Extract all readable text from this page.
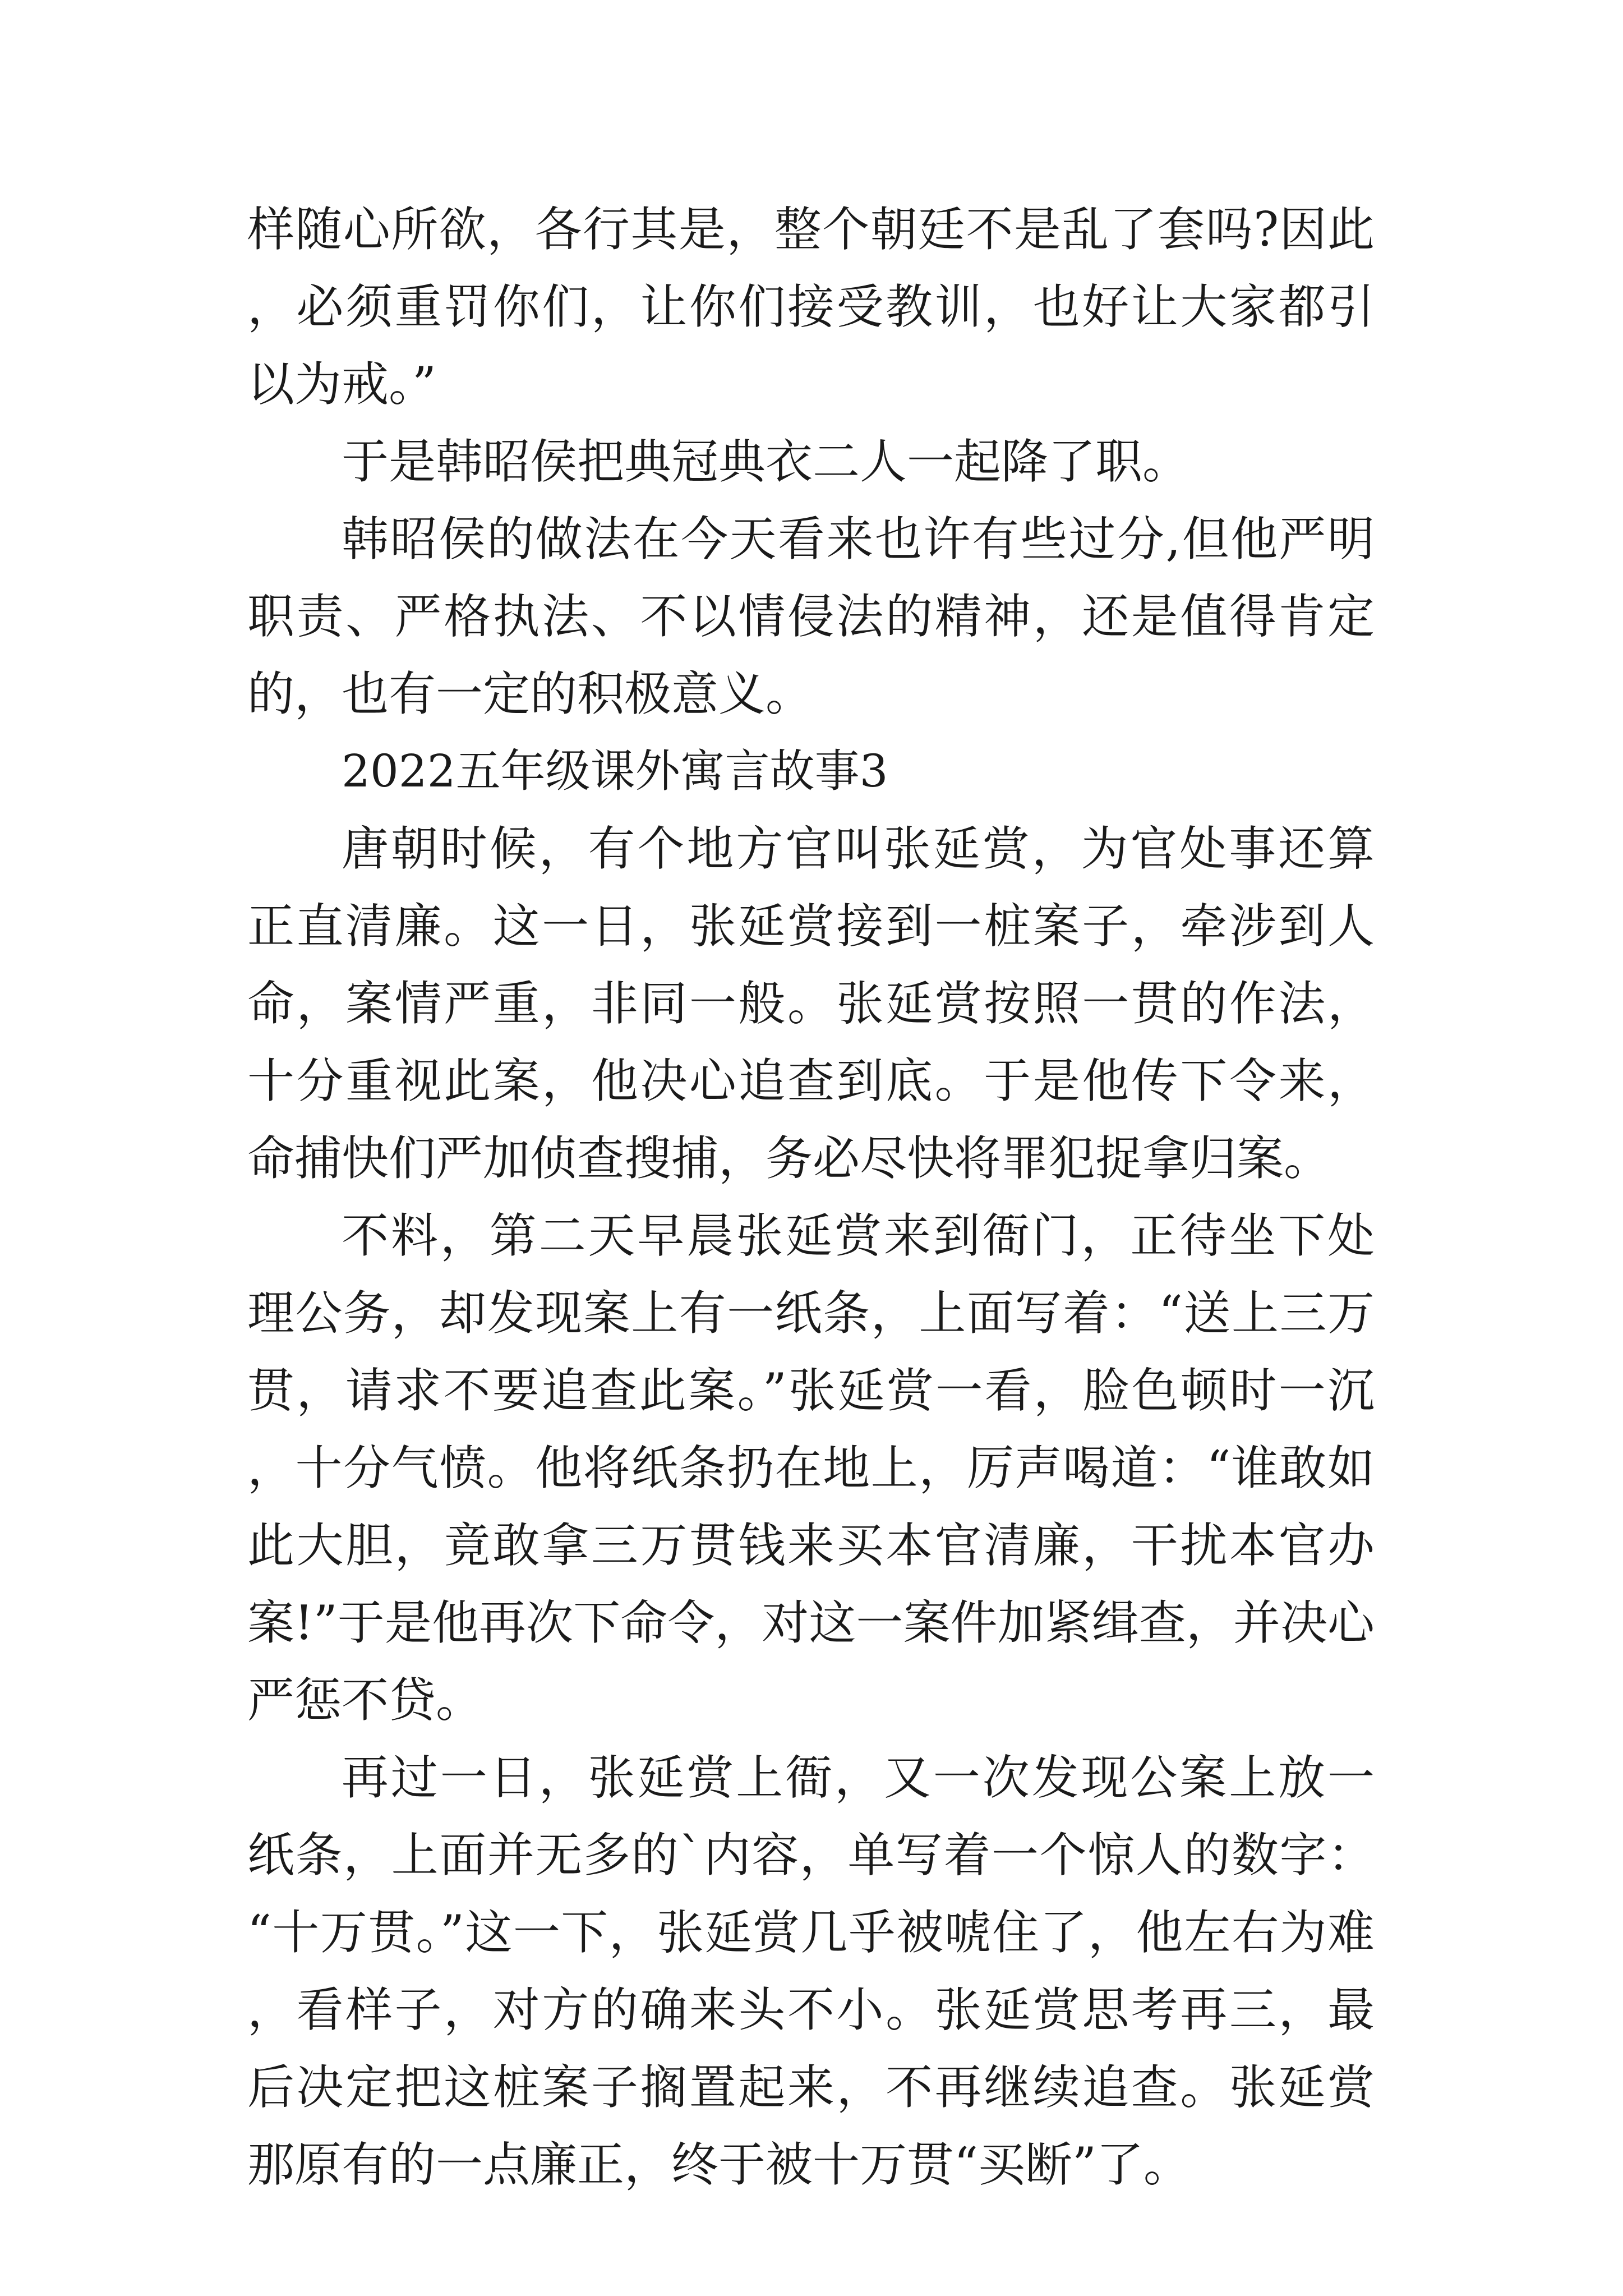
样随心所欲，各行其是，整个朝廷不是乱了套吗?因此，必须重罚你们，让你们接受教训，也好让大家都引以为戒。”

于是韩昭侯把典冠典衣二人一起降了职。

韩昭侯的做法在今天看来也许有些过分,但他严明职责、严格执法、不以情侵法的精神，还是值得肯定的，也有一定的积极意义。

2022五年级课外寓言故事3

唐朝时候，有个地方官叫张延赏，为官处事还算正直清廉。这一日，张延赏接到一桩案子，牵涉到人命，案情严重，非同一般。张延赏按照一贯的作法，十分重视此案，他决心追查到底。于是他传下令来，命捕快们严加侦查搜捕，务必尽快将罪犯捉拿归案。

不料，第二天早晨张延赏来到衙门，正待坐下处理公务，却发现案上有一纸条，上面写着：“送上三万贯，请求不要追查此案。”张延赏一看，脸色顿时一沉，十分气愤。他将纸条扔在地上，厉声喝道：“谁敢如此大胆，竟敢拿三万贯钱来买本官清廉，干扰本官办案!”于是他再次下命令，对这一案件加紧缉查，并决心严惩不贷。

再过一日，张延赏上衙，又一次发现公案上放一纸条，上面并无多的`内容，单写着一个惊人的数字：“十万贯。”这一下，张延赏几乎被唬住了，他左右为难，看样子，对方的确来头不小。张延赏思考再三，最后决定把这桩案子搁置起来，不再继续追查。张延赏那原有的一点廉正，终于被十万贯“买断”了。
